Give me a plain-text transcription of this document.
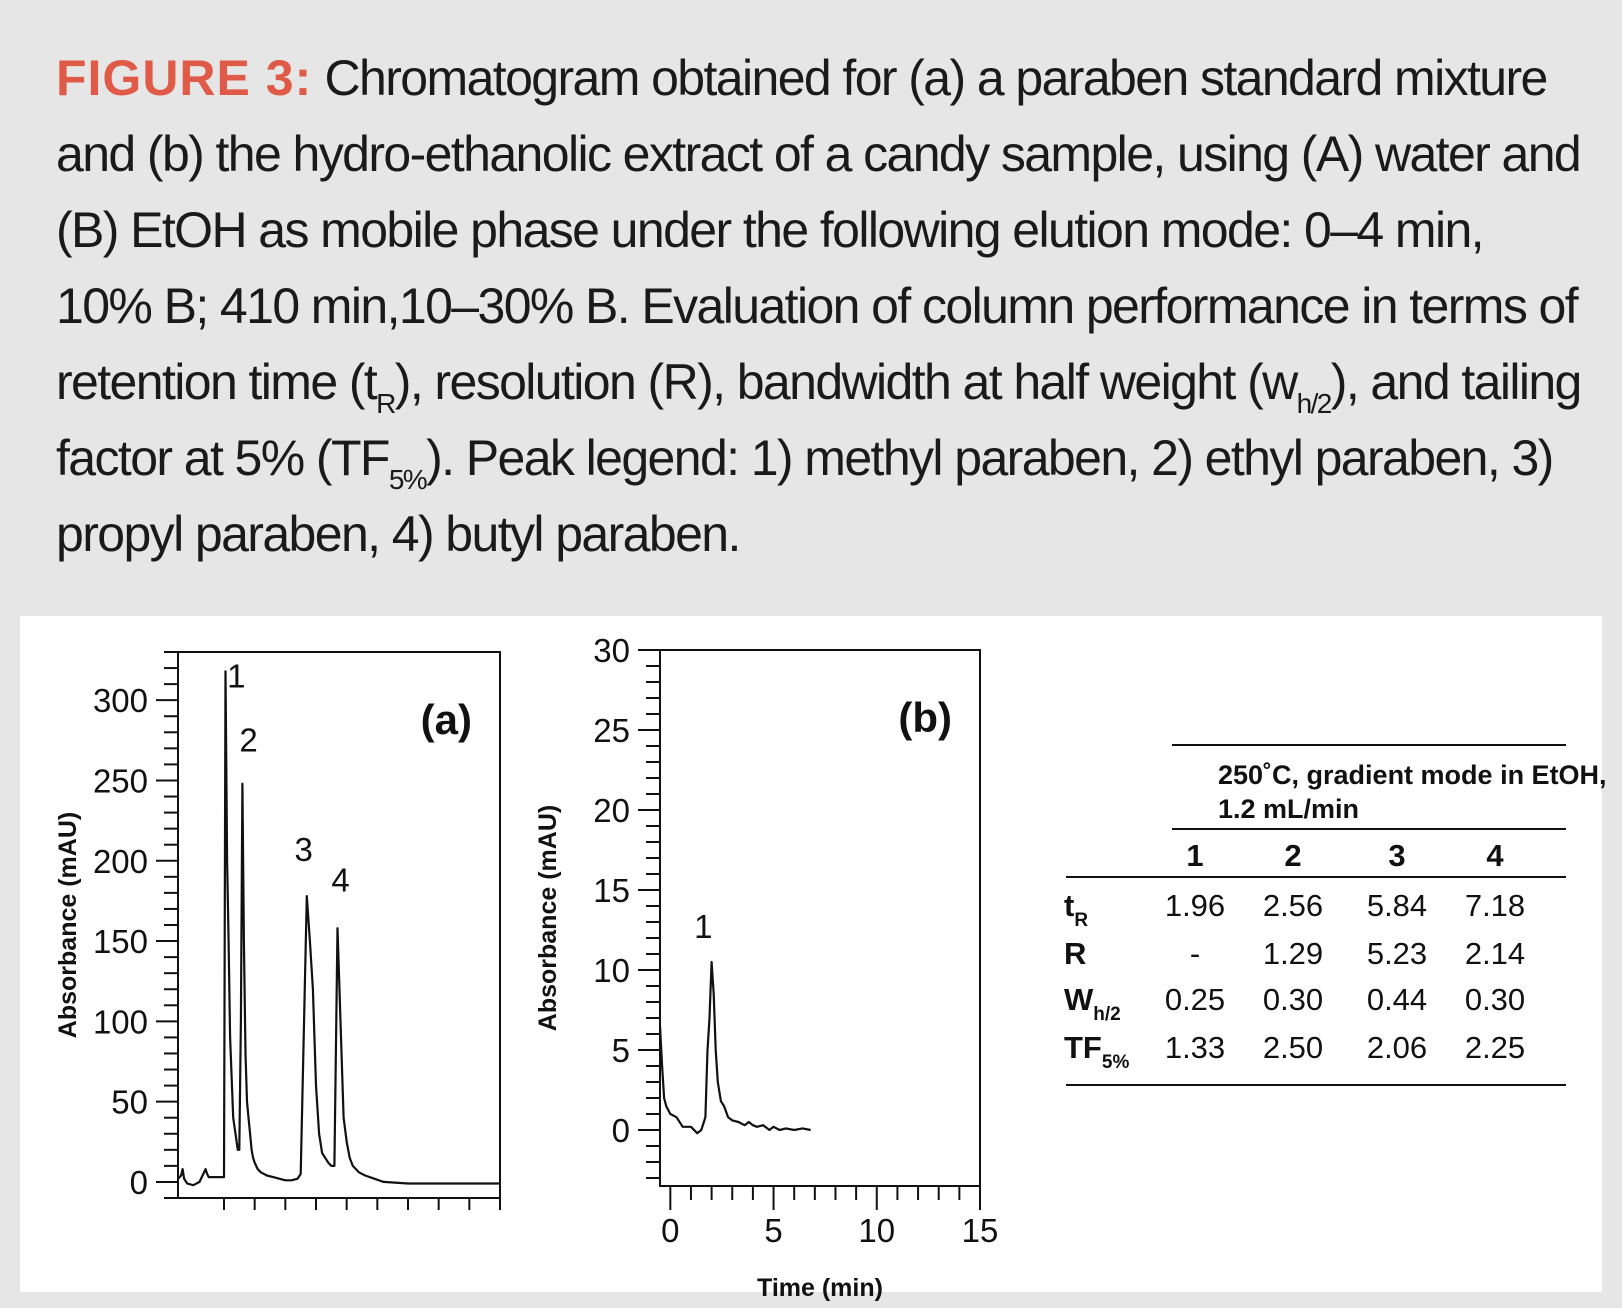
FIGURE 3: Chromatogram obtained for (a) a paraben standard mixture and (b) the hydro-ethanolic extract of a candy sample, using (A) water and (B) EtOH as mobile phase under the following elution mode: 0–4 min, 10% B; 410 min,10–30% B. Evaluation of column performance in terms of retention time $(t_R)$, resolution (R), bandwidth at half weight $(w_{h/2})$, and tailing factor at 5% $(TF_{5\%})$. Peak legend: 1) methyl paraben, 2) ethyl paraben, 3) propyl paraben, 4) butyl paraben.
0
50
100
150
200
250
300
Absorbance (mAU)
(a)
1
2
3
4
0
5
10
15
20
25
30
0	5 10 15
Absorbance (mAU)
Time (min)
(b)
1
250˚C, gradient mode in EtOH, 1.2 mL/min
1	2	3	4
$t_R$	1.96	2.56	5.84	7.18
R	-	1.29	5.23	2.14
$W_{h/2}$	0.25	0.30	0.44	0.30
$TF_{5\%}$	1.33	2.50	2.06	2.25
